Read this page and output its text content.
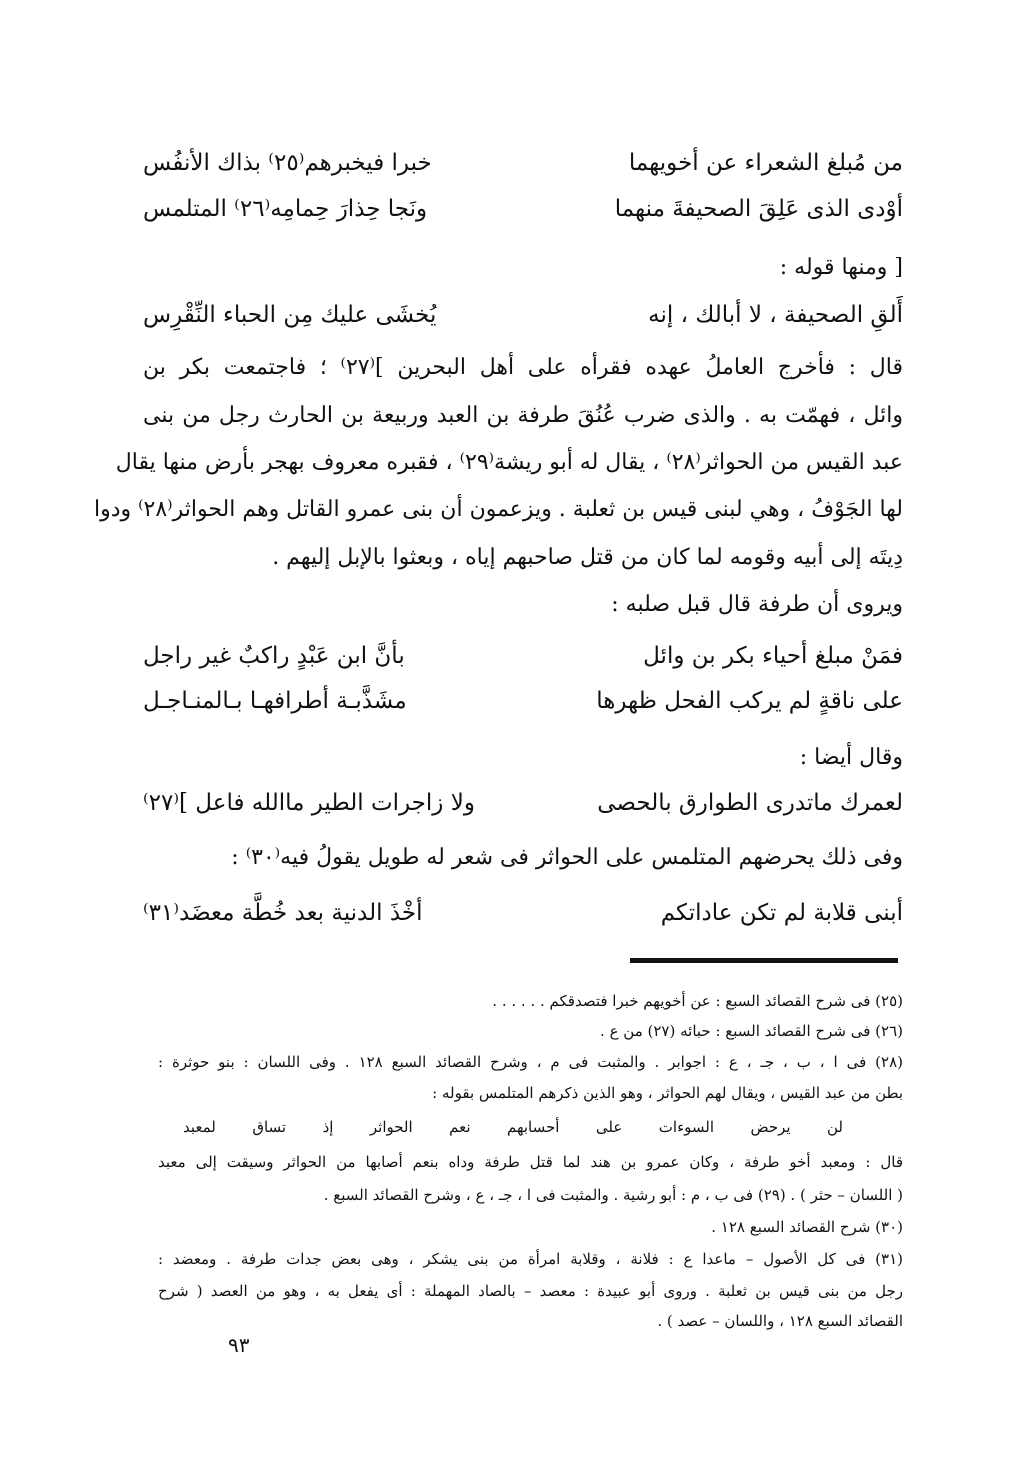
من مُبلغ الشعراء عن أخويهما
خبرا فيخبرهم⁽٢٥⁾ بذاك الأنفُس
أوْدى الذى عَلِقَ الصحيفةَ منهما
ونَجا حِذارَ حِمامِه⁽٢٦⁾ المتلمس
[ ومنها قوله :
أَلقِ الصحيفة ، لا أبالك ، إنه
يُخشَى عليك مِن الحباء النِّقْرِس
قال : فأخرج العاملُ عهده فقرأه على أهل البحرين ]⁽٢٧⁾ ؛ فاجتمعت بكر بن
وائل ، فهمّت به . والذى ضرب عُنُقَ طرفة بن العبد وربيعة بن الحارث رجل من بنى
عبد القيس من الحواثر⁽٢٨⁾ ، يقال له أبو ريشة⁽٢٩⁾ ، فقبره معروف بهجر بأرض منها يقال
لها الجَوْفُ ، وهي لبنى قيس بن ثعلبة . ويزعمون أن بنى عمرو القاتل وهم الحواثر⁽٢٨⁾ ودوا
دِيتَه إلى أبيه وقومه لما كان من قتل صاحبهم إياه ، وبعثوا بالإبل إليهم .
ويروى أن طرفة قال قبل صلبه :
فمَنْ مبلغ أحياء بكر بن وائل
بأنَّ ابن عَبْدٍ راكبٌ غير راجل
على ناقةٍ لم يركب الفحل ظهرها
مشَذَّبـة أطرافهـا بـالمنـاجـل
وقال أيضا :
لعمرك ماتدرى الطوارق بالحصى
ولا زاجرات الطير ماالله فاعل ]⁽٢٧⁾
وفى ذلك يحرضهم المتلمس على الحواثر فى شعر له طويل يقولُ فيه⁽٣٠⁾ :
أبنى قلابة لم تكن عاداتكم
أخْذَ الدنية بعد خُطَّة معضَد⁽٣١⁾
(٢٥) فى شرح القصائد السبع : عن أخويهم خبرا فتصدقكم . . . . . .
(٢٦) فى شرح القصائد السبع : حبائه (٢٧) من ع .
(٢٨) فى ا ، ب ، جـ ، ع : اجوابر . والمثبت فى م ، وشرح القصائد السبع ١٢٨ . وفى اللسان : بنو حوثرة :
بطن من عبد القيس ، ويقال لهم الحواثر ، وهو الذين ذكرهم المتلمس بقوله :
لن يرحض السوءات على أحسابهم نعم الحواثر إذ تساق لمعبد
قال : ومعبد أخو طرفة ، وكان عمرو بن هند لما قتل طرفة وداه بنعم أصابها من الحواثر وسيقت إلى معبد
( اللسان – حثر ) . (٢٩) فى ب ، م : أبو رشية . والمثبت فى ا ، جـ ، ع ، وشرح القصائد السبع .
(٣٠) شرح القصائد السبع ١٢٨ .
(٣١) فى كل الأصول – ماعدا ع : فلانة ، وقلابة امرأة من بنى يشكر ، وهى بعض جدات طرفة . ومعضد :
رجل من بنى قيس بن ثعلبة . وروى أبو عبيدة : معصد – بالصاد المهملة : أى يفعل به ، وهو من العصد ( شرح
القصائد السبع ١٢٨ ، واللسان – عصد ) .
٩٣
